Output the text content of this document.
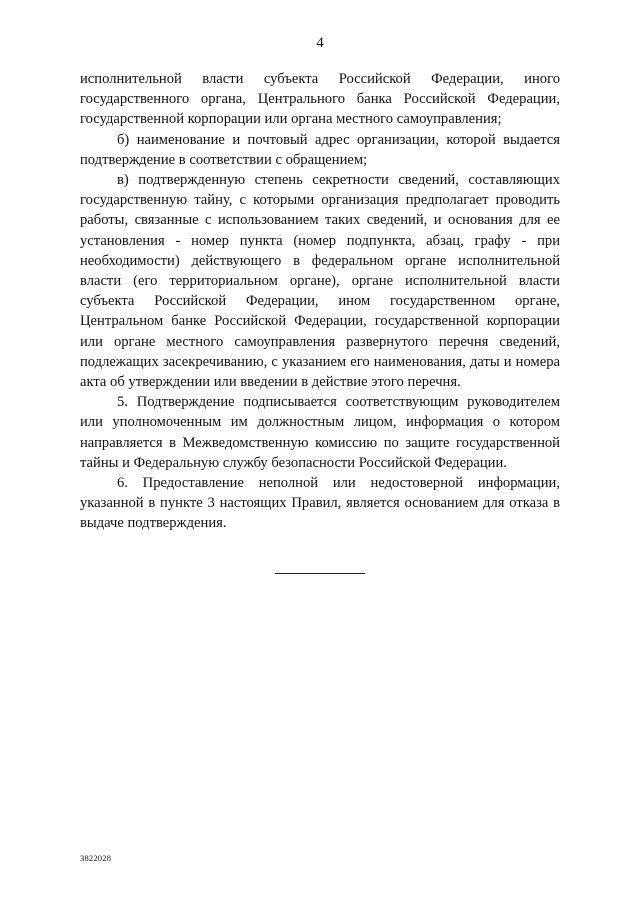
4

исполнительной власти субъекта Российской Федерации, иного государственного органа, Центрального банка Российской Федерации, государственной корпорации или органа местного самоуправления;

б) наименование и почтовый адрес организации, которой выдается подтверждение в соответствии с обращением;

в) подтвержденную степень секретности сведений, составляющих государственную тайну, с которыми организация предполагает проводить работы, связанные с использованием таких сведений, и основания для ее установления - номер пункта (номер подпункта, абзац, графу - при необходимости) действующего в федеральном органе исполнительной власти (его территориальном органе), органе исполнительной власти субъекта Российской Федерации, ином государственном органе, Центральном банке Российской Федерации, государственной корпорации или органе местного самоуправления развернутого перечня сведений, подлежащих засекречиванию, с указанием его наименования, даты и номера акта об утверждении или введении в действие этого перечня.

5. Подтверждение подписывается соответствующим руководителем или уполномоченным им должностным лицом, информация о котором направляется в Межведомственную комиссию по защите государственной тайны и Федеральную службу безопасности Российской Федерации.

6. Предоставление неполной или недостоверной информации, указанной в пункте 3 настоящих Правил, является основанием для отказа в выдаче подтверждения.

3822028
